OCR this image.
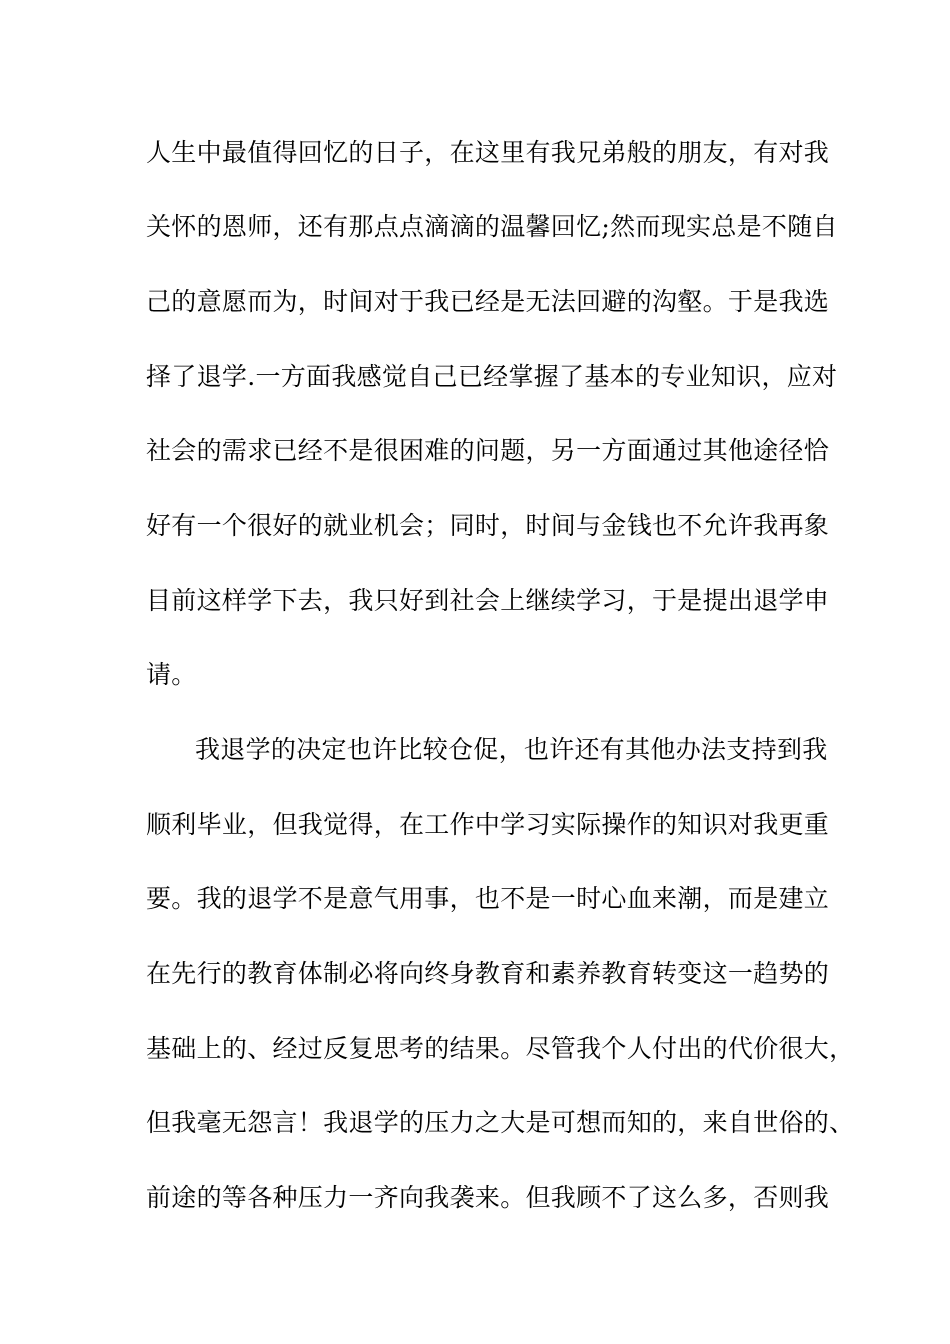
人生中最值得回忆的日子，在这里有我兄弟般的朋友，有对我
关怀的恩师，还有那点点滴滴的温馨回忆;然而现实总是不随自
己的意愿而为，时间对于我已经是无法回避的沟壑。于是我选
择了退学.一方面我感觉自己已经掌握了基本的专业知识，应对
社会的需求已经不是很困难的问题，另一方面通过其他途径恰
好有一个很好的就业机会；同时，时间与金钱也不允许我再象
目前这样学下去，我只好到社会上继续学习，于是提出退学申
请。
我退学的决定也许比较仓促，也许还有其他办法支持到我
顺利毕业，但我觉得，在工作中学习实际操作的知识对我更重
要。我的退学不是意气用事，也不是一时心血来潮，而是建立
在先行的教育体制必将向终身教育和素养教育转变这一趋势的
基础上的、经过反复思考的结果。尽管我个人付出的代价很大，
但我毫无怨言！我退学的压力之大是可想而知的，来自世俗的、
前途的等各种压力一齐向我袭来。但我顾不了这么多，否则我
